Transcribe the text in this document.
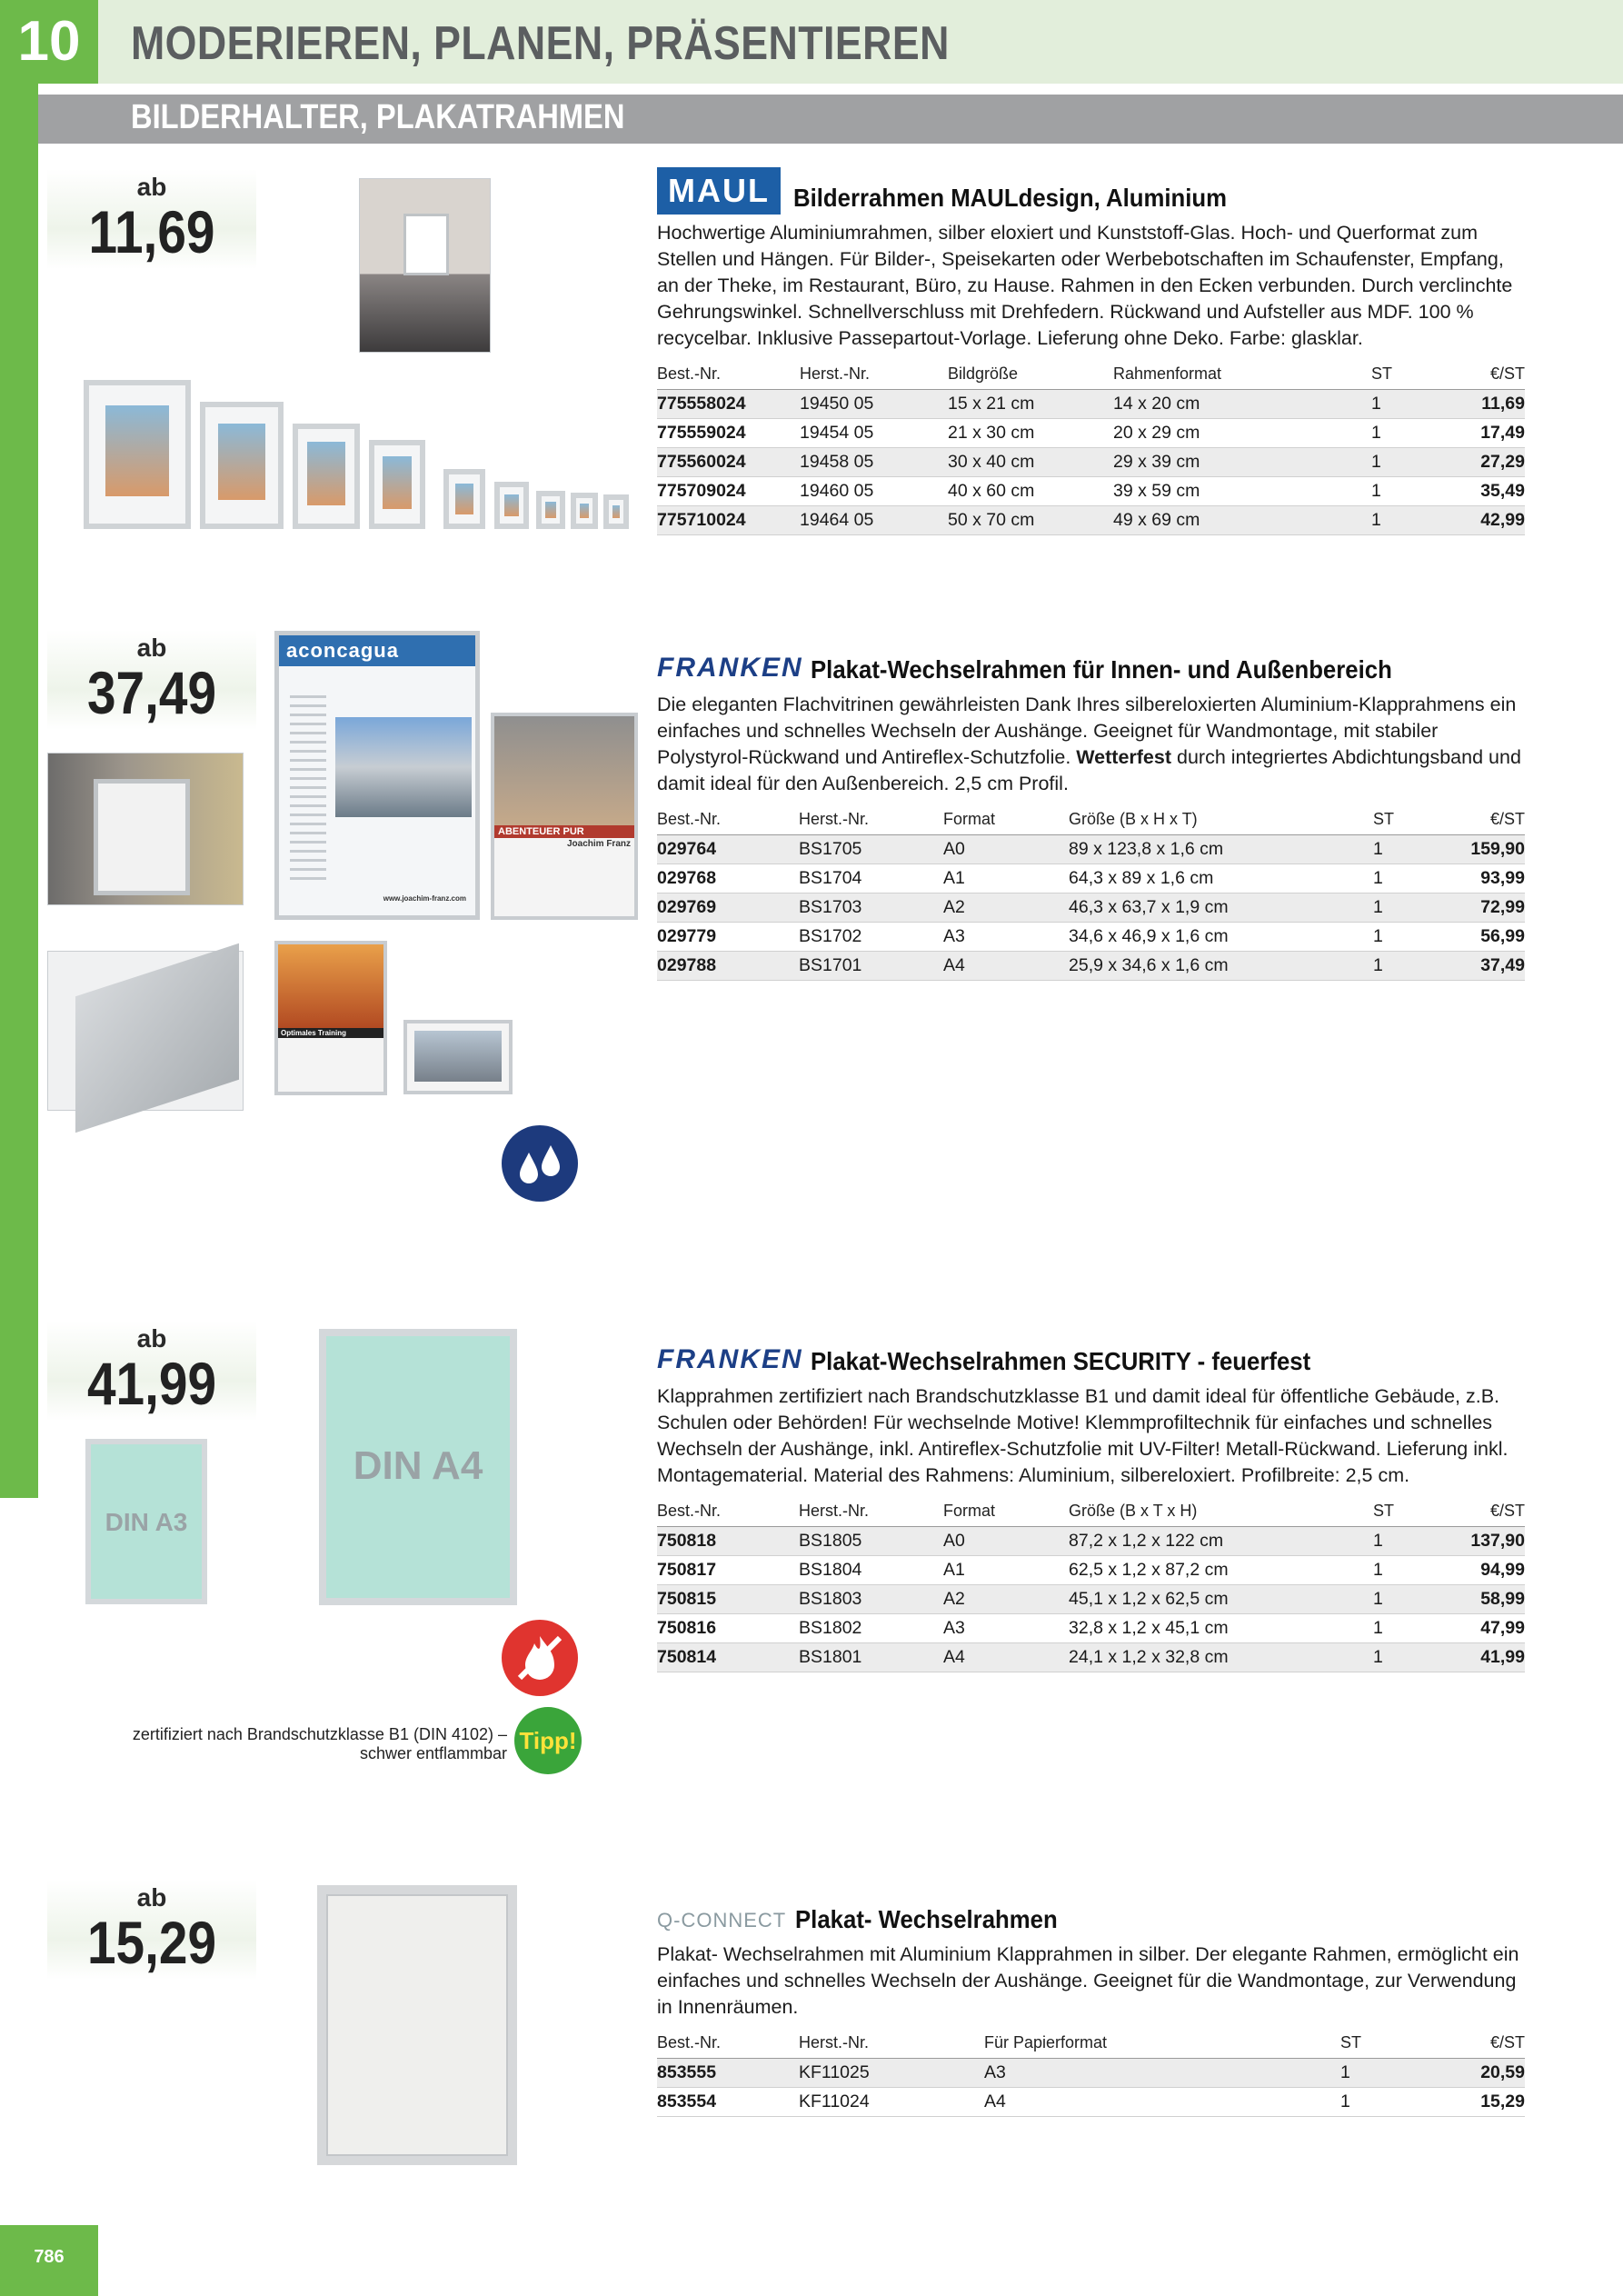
10	MODERIEREN, PLANEN, PRÄSENTIEREN
BILDERHALTER, PLAKATRAHMEN
ab
11,69
MAUL Bilderrahmen MAULdesign, Aluminium
Hochwertige Aluminiumrahmen, silber eloxiert und Kunststoff-Glas. Hoch- und Querformat zum Stellen und Hängen. Für Bilder-, Speisekarten oder Werbebotschaften im Schaufenster, Empfang, an der Theke, im Restaurant, Büro, zu Hause. Rahmen in den Ecken verbunden. Durch verclinchte Gehrungswinkel. Schnellverschluss mit Drehfedern. Rückwand und Aufsteller aus MDF. 100 % recycelbar. Inklusive Passepartout-Vorlage. Lieferung ohne Deko. Farbe: glasklar.
Best.-Nr.	Herst.-Nr.	Bildgröße	Rahmenformat	ST	€/ST
775558024	19450 05	15 x 21 cm	14 x 20 cm	1	11,69
775559024	19454 05	21 x 30 cm	20 x 29 cm	1	17,49
775560024	19458 05	30 x 40 cm	29 x 39 cm	1	27,29
775709024	19460 05	40 x 60 cm	39 x 59 cm	1	35,49
775710024	19464 05	50 x 70 cm	49 x 69 cm	1	42,99
ab
37,49
aconcagua
www.joachim-franz.com
ABENTEUER PUR
Joachim Franz
Optimales Training
FRANKEN Plakat-Wechselrahmen für Innen- und Außenbereich
Die eleganten Flachvitrinen gewährleisten Dank Ihres silbereloxierten Aluminium-Klapprahmens ein einfaches und schnelles Wechseln der Aushänge. Geeignet für Wandmontage, mit stabiler Polystyrol-Rückwand und Antireflex-Schutzfolie. Wetterfest durch integriertes Abdichtungsband und damit ideal für den Außenbereich. 2,5 cm Profil.
Best.-Nr.	Herst.-Nr.	Format	Größe (B x H x T)	ST	€/ST
029764	BS1705	A0	89 x 123,8 x 1,6 cm	1	159,90
029768	BS1704	A1	64,3 x 89 x 1,6 cm	1	93,99
029769	BS1703	A2	46,3 x 63,7 x 1,9 cm	1	72,99
029779	BS1702	A3	34,6 x 46,9 x 1,6 cm	1	56,99
029788	BS1701	A4	25,9 x 34,6 x 1,6 cm	1	37,49
ab
41,99
DIN A3
DIN A4
zertifiziert nach Brandschutzklasse B1 (DIN 4102) –
schwer entflammbar Tipp!
FRANKEN Plakat-Wechselrahmen SECURITY - feuerfest
Klapprahmen zertifiziert nach Brandschutzklasse B1 und damit ideal für öffentliche Gebäude, z.B. Schulen oder Behörden! Für wechselnde Motive! Klemmprofiltechnik für einfaches und schnelles Wechseln der Aushänge, inkl. Antireflex-Schutzfolie mit UV-Filter! Metall-Rückwand. Lieferung inkl. Montagematerial. Material des Rahmens: Aluminium, silbereloxiert. Profilbreite: 2,5 cm.
Best.-Nr.	Herst.-Nr.	Format	Größe (B x T x H)	ST	€/ST
750818	BS1805	A0	87,2 x 1,2 x 122 cm	1	137,90
750817	BS1804	A1	62,5 x 1,2 x 87,2 cm	1	94,99
750815	BS1803	A2	45,1 x 1,2 x 62,5 cm	1	58,99
750816	BS1802	A3	32,8 x 1,2 x 45,1 cm	1	47,99
750814	BS1801	A4	24,1 x 1,2 x 32,8 cm	1	41,99
ab
15,29	Q-CONNECT Plakat- Wechselrahmen
Plakat- Wechselrahmen mit Aluminium Klapprahmen in silber. Der elegante Rahmen, ermöglicht ein einfaches und schnelles Wechseln der Aushänge. Geeignet für die Wandmontage, zur Verwendung in Innenräumen.
Best.-Nr.	Herst.-Nr.	Für Papierformat	ST	€/ST
853555	KF11025	A3	1	20,59
853554	KF11024	A4	1	15,29
786
